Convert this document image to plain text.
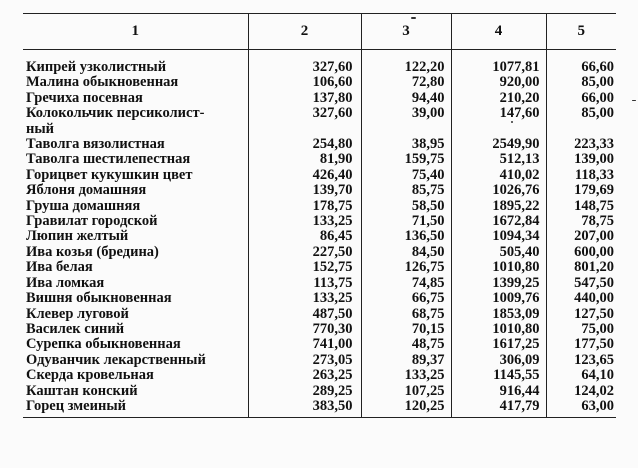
1	2	3	4	5

Кипрей узколистный	327,60	122,20	1077,81	66,60

Малина обыкновенная	106,60	72,80	920,00	85,00

Гречиха посевная	137,80	94,40	210,20	66,00

Колокольчик персиколист-
ный	327,60	39,00	147,60	85,00

Таволга вязолистная	254,80	38,95	2549,90	223,33

Таволга шестилепестная	81,90	159,75	512,13	139,00

Горицвет кукушкин цвет	426,40	75,40	410,02	118,33

Яблоня домашняя	139,70	85,75	1026,76	179,69

Груша домашняя	178,75	58,50	1895,22	148,75

Гравилат городской	133,25	71,50	1672,84	78,75

Люпин желтый	86,45	136,50	1094,34	207,00

Ива козья (бредина)	227,50	84,50	505,40	600,00

Ива белая	152,75	126,75	1010,80	801,20

Ива ломкая	113,75	74,85	1399,25	547,50

Вишня обыкновенная	133,25	66,75	1009,76	440,00

Клевер луговой	487,50	68,75	1853,09	127,50

Василек синий	770,30	70,15	1010,80	75,00

Сурепка обыкновенная	741,00	48,75	1617,25	177,50

Одуванчик лекарственный	273,05	89,37	306,09	123,65

Скерда кровельная	263,25	133,25	1145,55	64,10

Каштан конский	289,25	107,25	916,44	124,02

Горец змеиный	383,50	120,25	417,79	63,00
